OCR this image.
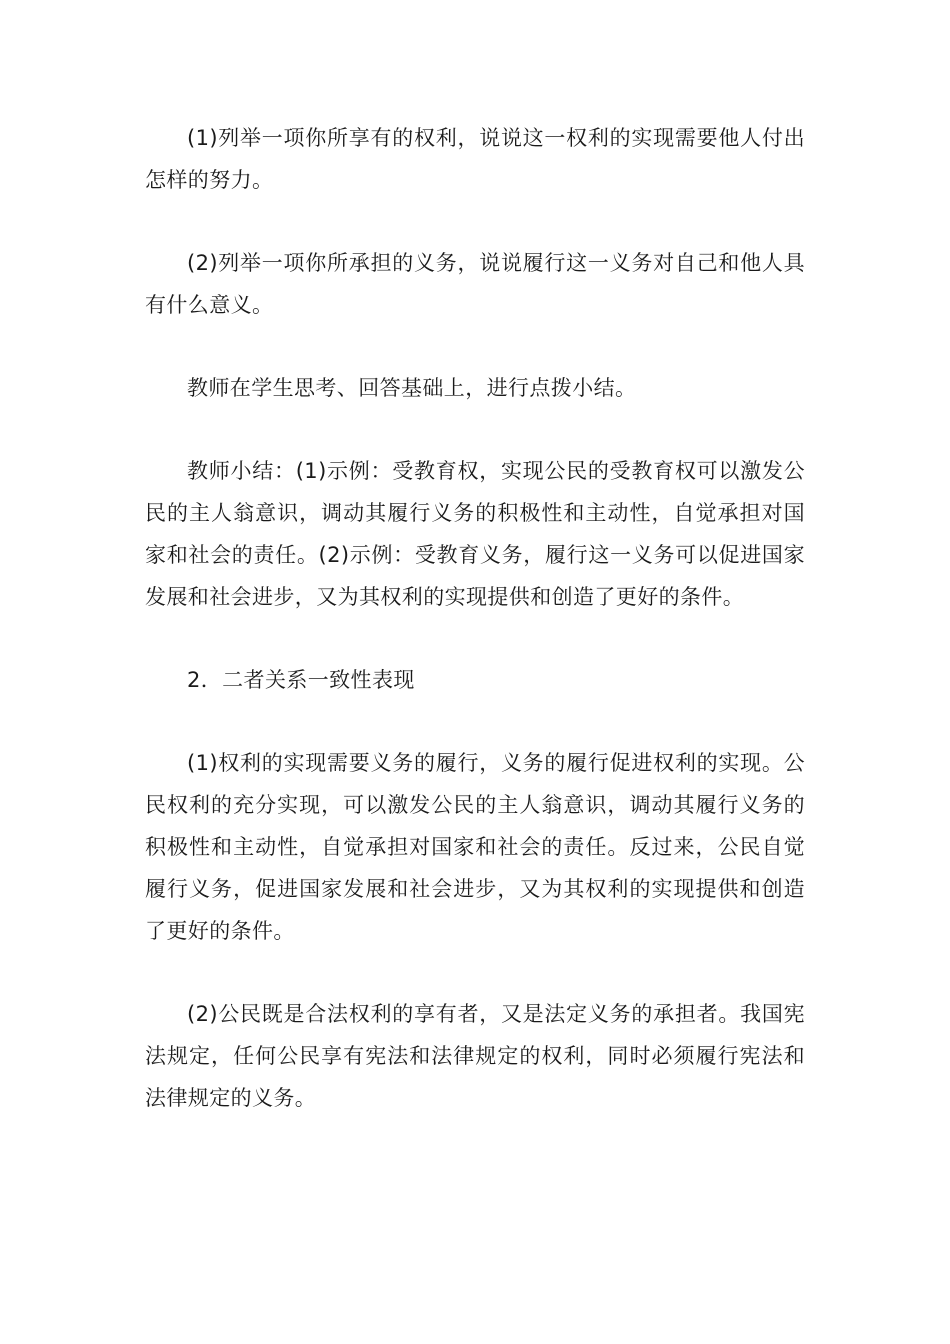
(1)列举一项你所享有的权利，说说这一权利的实现需要他人付出怎样的努力。

(2)列举一项你所承担的义务，说说履行这一义务对自己和他人具有什么意义。

教师在学生思考、回答基础上，进行点拨小结。

教师小结：(1)示例：受教育权，实现公民的受教育权可以激发公民的主人翁意识，调动其履行义务的积极性和主动性，自觉承担对国家和社会的责任。(2)示例：受教育义务，履行这一义务可以促进国家发展和社会进步，又为其权利的实现提供和创造了更好的条件。

2．二者关系一致性表现

(1)权利的实现需要义务的履行，义务的履行促进权利的实现。公民权利的充分实现，可以激发公民的主人翁意识，调动其履行义务的积极性和主动性，自觉承担对国家和社会的责任。反过来，公民自觉履行义务，促进国家发展和社会进步，又为其权利的实现提供和创造了更好的条件。

(2)公民既是合法权利的享有者，又是法定义务的承担者。我国宪法规定，任何公民享有宪法和法律规定的权利，同时必须履行宪法和法律规定的义务。
